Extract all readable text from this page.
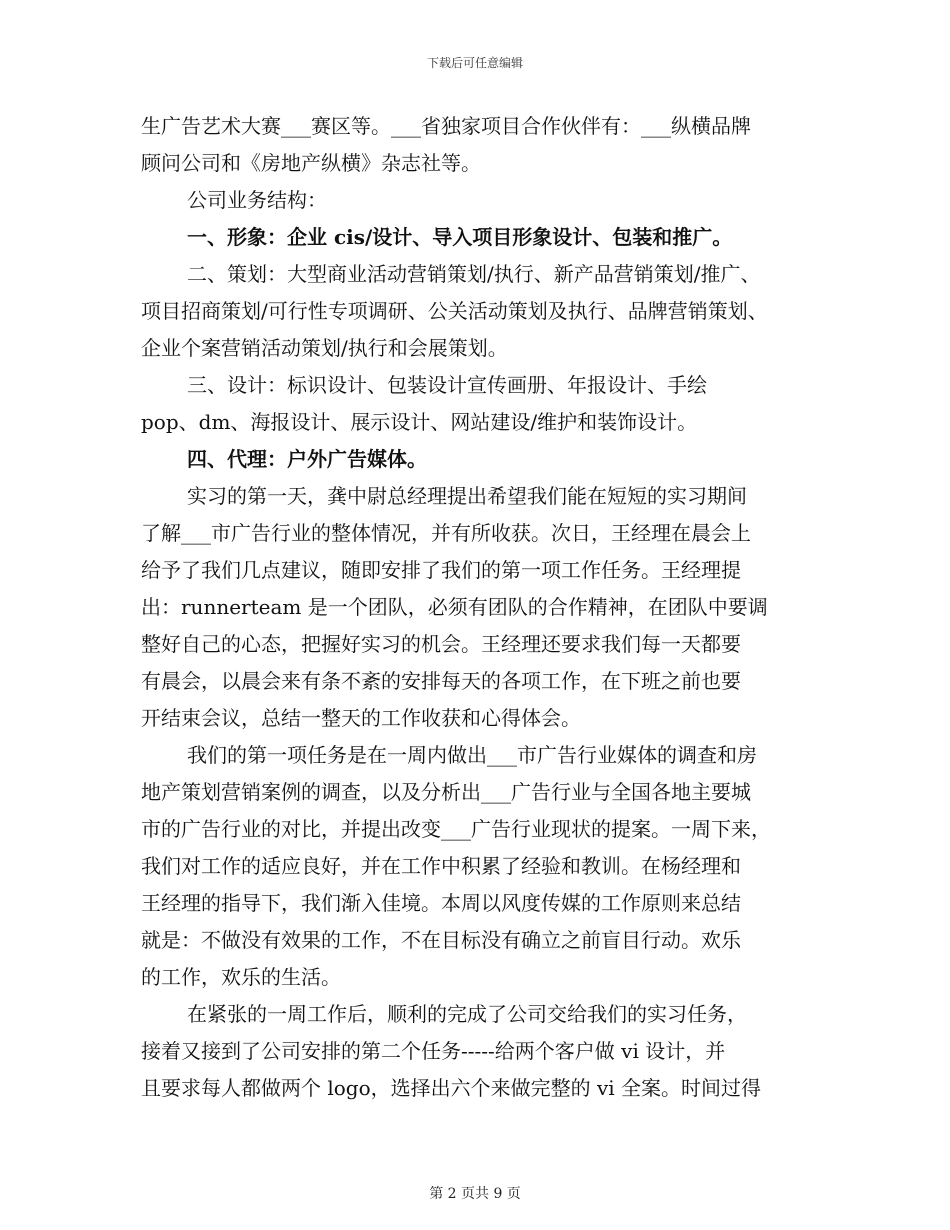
下载后可任意编辑
生广告艺术大赛___赛区等。___省独家项目合作伙伴有：___纵横品牌
顾问公司和《房地产纵横》杂志社等。
公司业务结构：
一、形象：企业 cis/设计、导入项目形象设计、包装和推广。
二、策划：大型商业活动营销策划/执行、新产品营销策划/推广、
项目招商策划/可行性专项调研、公关活动策划及执行、品牌营销策划、
企业个案营销活动策划/执行和会展策划。
三、设计：标识设计、包装设计宣传画册、年报设计、手绘
pop、dm、海报设计、展示设计、网站建设/维护和装饰设计。
四、代理：户外广告媒体。
实习的第一天，龚中尉总经理提出希望我们能在短短的实习期间
了解___市广告行业的整体情况，并有所收获。次日，王经理在晨会上
给予了我们几点建议，随即安排了我们的第一项工作任务。王经理提
出：runnerteam 是一个团队，必须有团队的合作精神，在团队中要调
整好自己的心态，把握好实习的机会。王经理还要求我们每一天都要
有晨会，以晨会来有条不紊的安排每天的各项工作，在下班之前也要
开结束会议，总结一整天的工作收获和心得体会。
我们的第一项任务是在一周内做出___市广告行业媒体的调查和房
地产策划营销案例的调查，以及分析出___广告行业与全国各地主要城
市的广告行业的对比，并提出改变___广告行业现状的提案。一周下来，
我们对工作的适应良好，并在工作中积累了经验和教训。在杨经理和
王经理的指导下，我们渐入佳境。本周以风度传媒的工作原则来总结
就是：不做没有效果的工作，不在目标没有确立之前盲目行动。欢乐
的工作，欢乐的生活。
在紧张的一周工作后，顺利的完成了公司交给我们的实习任务，
接着又接到了公司安排的第二个任务-----给两个客户做 vi 设计，并
且要求每人都做两个 logo，选择出六个来做完整的 vi 全案。时间过得
第 2 页共 9 页
